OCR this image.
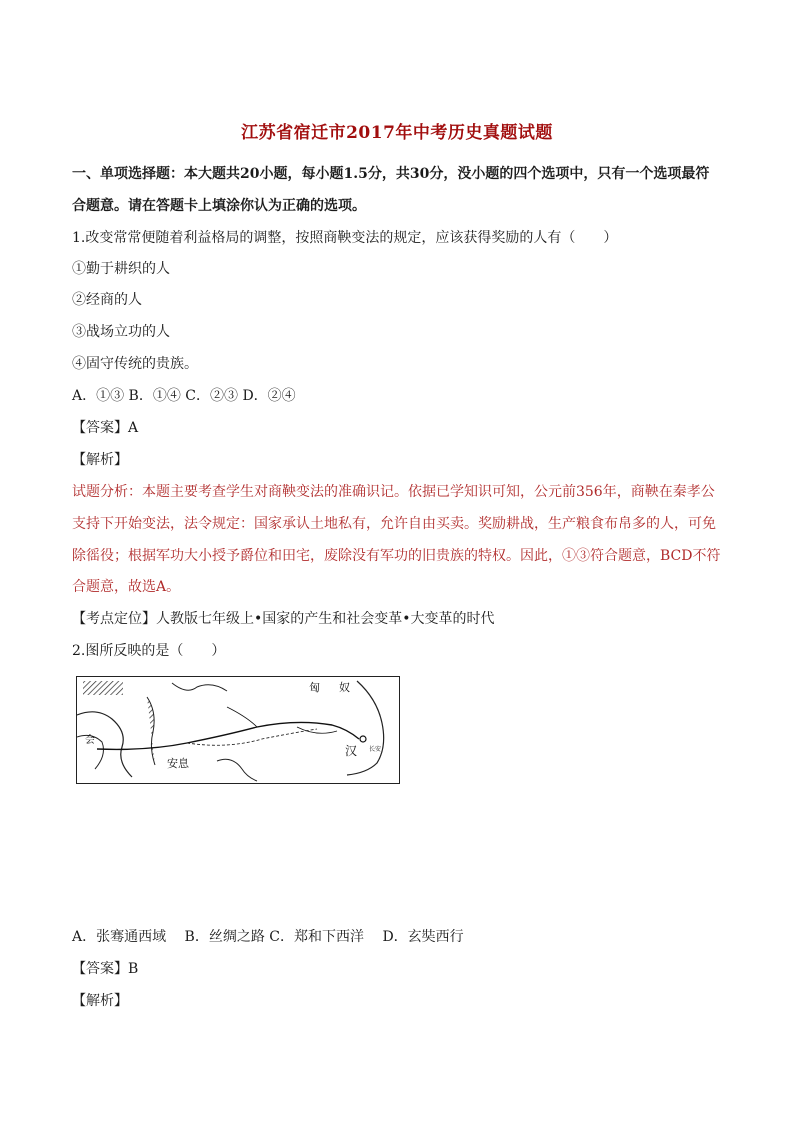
江苏省宿迁市2017年中考历史真题试题
一、单项选择题：本大题共20小题，每小题1.5分，共30分，没小题的四个选项中，只有一个选项最符
合题意。请在答题卡上填涂你认为正确的选项。
1.改变常常便随着利益格局的调整，按照商鞅变法的规定，应该获得奖励的人有（　　）
①勤于耕织的人
②经商的人
③战场立功的人
④固守传统的贵族。
A．①③ B．①④ C．②③ D．②④
【答案】A
【解析】
试题分析：本题主要考查学生对商鞅变法的准确识记。依据已学知识可知，公元前356年，商鞅在秦孝公
支持下开始变法，法令规定：国家承认土地私有，允许自由买卖。奖励耕战，生产粮食布帛多的人，可免
除徭役；根据军功大小授予爵位和田宅，废除没有军功的旧贵族的特权。因此，①③符合题意，BCD不符
合题意，故选A。
【考点定位】人教版七年级上•国家的产生和社会变革•大变革的时代
2.图所反映的是（　　）
匈 奴
安息
汉 长安
会
A．张骞通西域　 B．丝绸之路 C．郑和下西洋　 D．玄奘西行
【答案】B
【解析】
